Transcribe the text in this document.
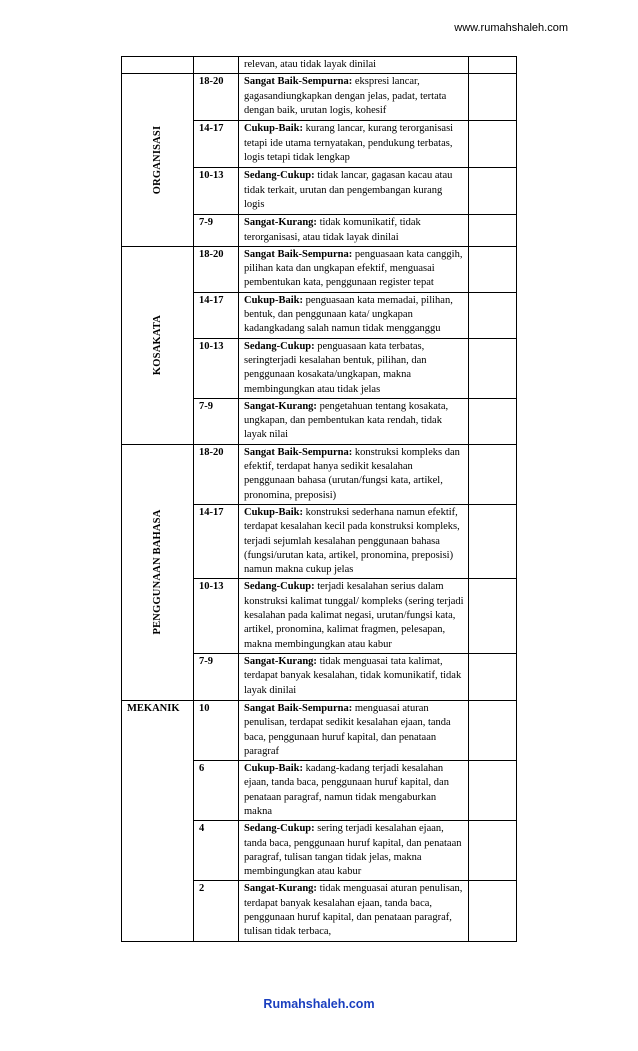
www.rumahshaleh.com
		relevan, atau tidak layak dinilai	

ORGANISASI	18-20	Sangat Baik-Sempurna: ekspresi lancar, gagasandiungkapkan dengan jelas, padat, tertata dengan baik, urutan logis, kohesif	
	14-17	Cukup-Baik: kurang lancar, kurang terorganisasi tetapi ide utama ternyatakan, pendukung terbatas, logis tetapi tidak lengkap	
	10-13	Sedang-Cukup: tidak lancar, gagasan kacau atau tidak terkait, urutan dan pengembangan kurang logis	
	7-9	Sangat-Kurang: tidak komunikatif, tidak terorganisasi, atau tidak layak dinilai	

KOSAKATA	18-20	Sangat Baik-Sempurna: penguasaan kata canggih, pilihan kata dan ungkapan efektif, menguasai pembentukan kata, penggunaan register tepat	
	14-17	Cukup-Baik: penguasaan kata memadai, pilihan, bentuk, dan penggunaan kata/ ungkapan kadangkadang salah namun tidak mengganggu	
	10-13	Sedang-Cukup: penguasaan kata terbatas, seringterjadi kesalahan bentuk, pilihan, dan penggunaan kosakata/ungkapan, makna membingungkan atau tidak jelas	
	7-9	Sangat-Kurang: pengetahuan tentang kosakata, ungkapan, dan pembentukan kata rendah, tidak layak nilai	

PENGGUNAAN BAHASA	18-20	Sangat Baik-Sempurna: konstruksi kompleks dan efektif, terdapat hanya sedikit kesalahan penggunaan bahasa (urutan/fungsi kata, artikel, pronomina, preposisi)	
	14-17	Cukup-Baik: konstruksi sederhana namun efektif, terdapat kesalahan kecil pada konstruksi kompleks, terjadi sejumlah kesalahan penggunaan bahasa (fungsi/urutan kata, artikel, pronomina, preposisi) namun makna cukup jelas	
	10-13	Sedang-Cukup: terjadi kesalahan serius dalam konstruksi kalimat tunggal/ kompleks (sering terjadi kesalahan pada kalimat negasi, urutan/fungsi kata, artikel, pronomina, kalimat fragmen, pelesapan, makna membingungkan atau kabur	
	7-9	Sangat-Kurang: tidak menguasai tata kalimat, terdapat banyak kesalahan, tidak komunikatif, tidak layak dinilai	
MEKANIK	10	Sangat Baik-Sempurna: menguasai aturan penulisan, terdapat sedikit kesalahan ejaan, tanda baca, penggunaan huruf kapital, dan penataan paragraf	
	6	Cukup-Baik: kadang-kadang terjadi kesalahan ejaan, tanda baca, penggunaan huruf kapital, dan penataan paragraf, namun tidak mengaburkan makna	
	4	Sedang-Cukup: sering terjadi kesalahan ejaan, tanda baca, penggunaan huruf kapital, dan penataan paragraf, tulisan tangan tidak jelas, makna membingungkan atau kabur	
	2	Sangat-Kurang: tidak menguasai aturan penulisan, terdapat banyak kesalahan ejaan, tanda baca, penggunaan huruf kapital, dan penataan paragraf, tulisan tidak terbaca,	
Rumahshaleh.com
